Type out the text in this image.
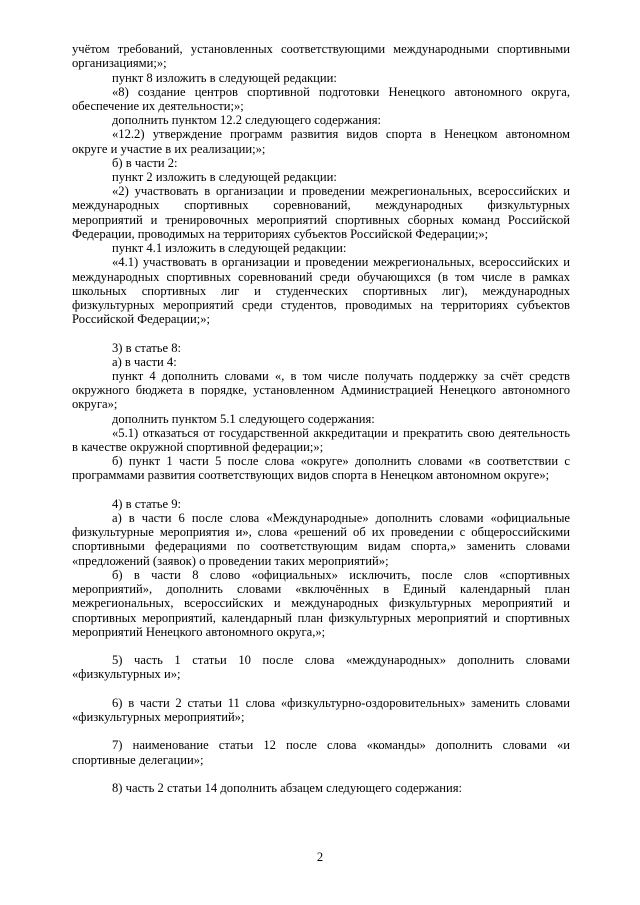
учётом требований, установленных соответствующими международными спортивными
организациями;»;
пункт 8 изложить в следующей редакции:
«8) создание центров спортивной подготовки Ненецкого автономного округа,
обеспечение их деятельности;»;
дополнить пунктом 12.2 следующего содержания:
«12.2) утверждение программ развития видов спорта в Ненецком автономном
округе и участие в их реализации;»;
б) в части 2:
пункт 2 изложить в следующей редакции:
«2) участвовать в организации и проведении межрегиональных, всероссийских и
международных спортивных соревнований, международных физкультурных
мероприятий и тренировочных мероприятий спортивных сборных команд Российской
Федерации, проводимых на территориях субъектов Российской Федерации;»;
пункт 4.1 изложить в следующей редакции:
«4.1) участвовать в организации и проведении межрегиональных, всероссийских и
международных спортивных соревнований среди обучающихся (в том числе в рамках
школьных спортивных лиг и студенческих спортивных лиг), международных
физкультурных мероприятий среди студентов, проводимых на территориях субъектов
Российской Федерации;»;
3) в статье 8:
а) в части 4:
пункт 4 дополнить словами «, в том числе получать поддержку за счёт средств
окружного бюджета в порядке, установленном Администрацией Ненецкого автономного
округа»;
дополнить пунктом 5.1 следующего содержания:
«5.1) отказаться от государственной аккредитации и прекратить свою деятельность
в качестве окружной спортивной федерации;»;
б) пункт 1 части 5 после слова «округе» дополнить словами «в соответствии с
программами развития соответствующих видов спорта в Ненецком автономном округе»;
4) в статье 9:
а) в части 6 после слова «Международные» дополнить словами «официальные
физкультурные мероприятия и», слова «решений об их проведении с общероссийскими
спортивными федерациями по соответствующим видам спорта,» заменить словами
«предложений (заявок) о проведении таких мероприятий»;
б) в части 8 слово «официальных» исключить, после слов «спортивных
мероприятий», дополнить словами «включённых в Единый календарный план
межрегиональных, всероссийских и международных физкультурных мероприятий и
спортивных мероприятий, календарный план физкультурных мероприятий и спортивных
мероприятий Ненецкого автономного округа,»;
5) часть 1 статьи 10 после слова «международных» дополнить словами
«физкультурных и»;
6) в части 2 статьи 11 слова «физкультурно-оздоровительных» заменить словами
«физкультурных мероприятий»;
7) наименование статьи 12 после слова «команды» дополнить словами «и
спортивные делегации»;
8) часть 2 статьи 14 дополнить абзацем следующего содержания:
2
